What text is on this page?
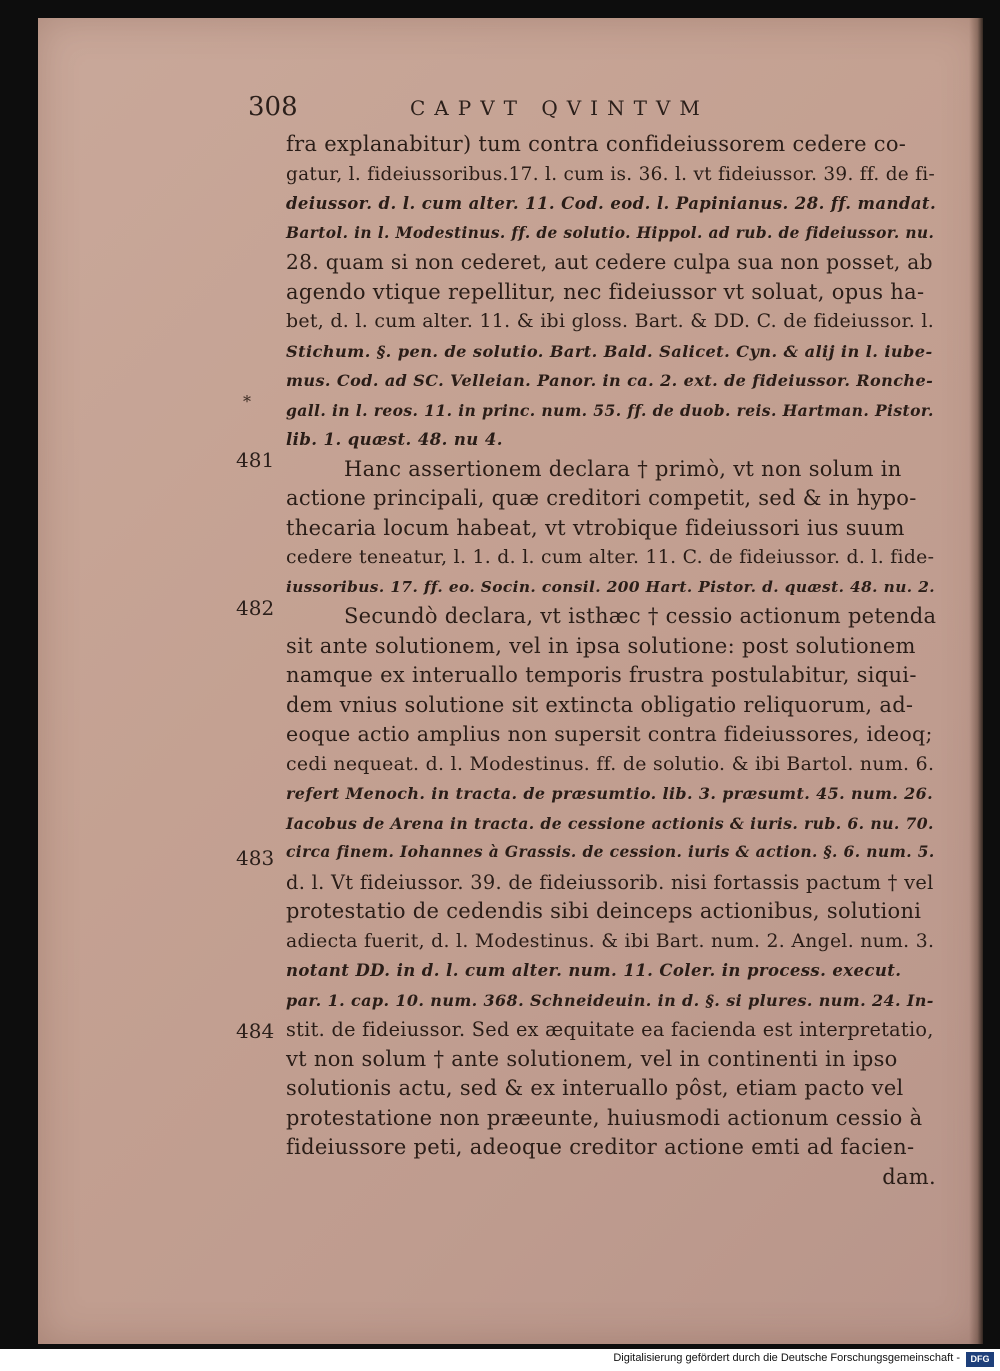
308	CAPVT QVINTVM
*
481
482
483
484
fra explanabitur) tum contra confideiussorem cedere co-
gatur, l. fideiussoribus.17. l. cum is. 36. l. vt fideiussor. 39. ff. de fi-
deiussor. d. l. cum alter. 11. Cod. eod. l. Papinianus. 28. ff. mandat.
Bartol. in l. Modestinus. ff. de solutio. Hippol. ad rub. de fideiussor. nu.
28. quam si non cederet, aut cedere culpa sua non posset, ab
agendo vtique repellitur, nec fideiussor vt soluat, opus ha-
bet, d. l. cum alter. 11. & ibi gloss. Bart. & DD. C. de fideiussor. l.
Stichum. §. pen. de solutio. Bart. Bald. Salicet. Cyn. & alij in l. iube-
mus. Cod. ad SC. Velleian. Panor. in ca. 2. ext. de fideiussor. Ronche-
gall. in l. reos. 11. in princ. num. 55. ff. de duob. reis. Hartman. Pistor.
lib. 1. quæst. 48. nu 4.
Hanc assertionem declara † primò, vt non solum in
actione principali, quæ creditori competit, sed & in hypo-
thecaria locum habeat, vt vtrobique fideiussori ius suum
cedere teneatur, l. 1. d. l. cum alter. 11. C. de fideiussor. d. l. fide-
iussoribus. 17. ff. eo. Socin. consil. 200 Hart. Pistor. d. quæst. 48. nu. 2.
Secundò declara, vt isthæc † cessio actionum petenda
sit ante solutionem, vel in ipsa solutione: post solutionem
namque ex interuallo temporis frustra postulabitur, siqui-
dem vnius solutione sit extincta obligatio reliquorum, ad-
eoque actio amplius non supersit contra fideiussores, ideoq;
cedi nequeat. d. l. Modestinus. ff. de solutio. & ibi Bartol. num. 6.
refert Menoch. in tracta. de præsumtio. lib. 3. præsumt. 45. num. 26.
Iacobus de Arena in tracta. de cessione actionis & iuris. rub. 6. nu. 70.
circa finem. Iohannes à Grassis. de cession. iuris & action. §. 6. num. 5.
d. l. Vt fideiussor. 39. de fideiussorib. nisi fortassis pactum † vel
protestatio de cedendis sibi deinceps actionibus, solutioni
adiecta fuerit, d. l. Modestinus. & ibi Bart. num. 2. Angel. num. 3.
notant DD. in d. l. cum alter. num. 11. Coler. in process. execut.
par. 1. cap. 10. num. 368. Schneideuin. in d. §. si plures. num. 24. In-
stit. de fideiussor. Sed ex æquitate ea facienda est interpretatio,
vt non solum † ante solutionem, vel in continenti in ipso
solutionis actu, sed & ex interuallo pôst, etiam pacto vel
protestatione non præeunte, huiusmodi actionum cessio à
fideiussore peti, adeoque creditor actione emti ad facien-
dam.
Digitalisierung gefördert durch die Deutsche Forschungsgemeinschaft -	DFG
